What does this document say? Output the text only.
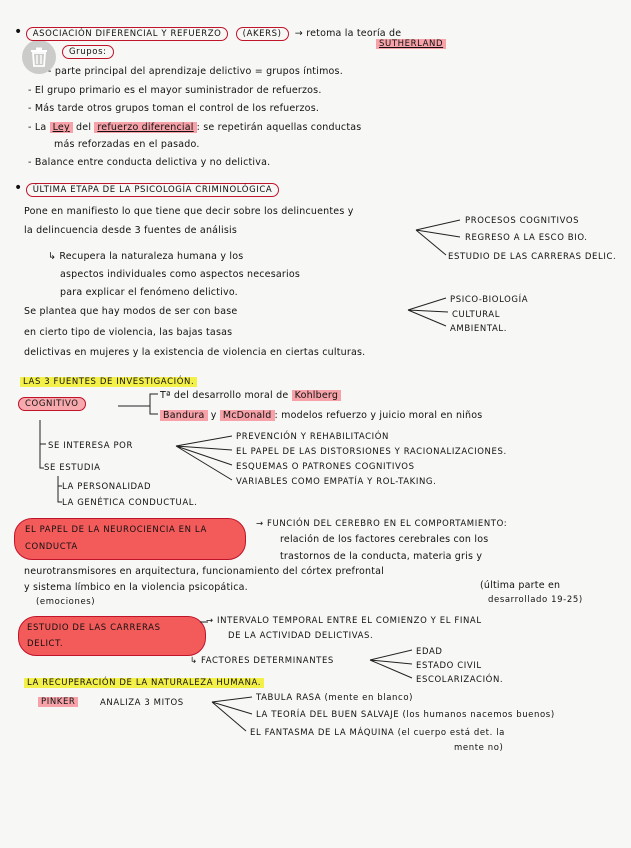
• ASOCIACIÓN DIFERENCIAL Y REFUERZO (AKERS) → retoma la teoría de
SUTHERLAND
Grupos:
- parte principal del aprendizaje delictivo = grupos íntimos.
- El grupo primario es el mayor suministrador de refuerzos.
- Más tarde otros grupos toman el control de los refuerzos.
- La Ley del refuerzo diferencial : se repetirán aquellas conductas
más reforzadas en el pasado.
- Balance entre conducta delictiva y no delictiva.
• ÚLTIMA ETAPA DE LA PSICOLOGÍA CRIMINOLÓGICA
Pone en manifiesto lo que tiene que decir sobre los delincuentes y
la delincuencia desde 3 fuentes de análisis
PROCESOS COGNITIVOS
REGRESO A LA ESCO BIO.
ESTUDIO DE LAS CARRERAS DELIC.
↳ Recupera la naturaleza humana y los
aspectos individuales como aspectos necesarios
para explicar el fenómeno delictivo.
Se plantea que hay modos de ser con base
PSICO-BIOLOGÍA
CULTURAL
AMBIENTAL.
en cierto tipo de violencia, las bajas tasas
delictivas en mujeres y la existencia de violencia en ciertas culturas.
LAS 3 FUENTES DE INVESTIGACIÓN.
COGNITIVO
Tª del desarrollo moral de Kohlberg
Bandura y McDonald : modelos refuerzo y juicio moral en niños
SE INTERESA POR
PREVENCIÓN Y REHABILITACIÓN
EL PAPEL DE LAS DISTORSIONES Y RACIONALIZACIONES.
ESQUEMAS O PATRONES COGNITIVOS
VARIABLES COMO EMPATÍA Y ROL-TAKING.
SE ESTUDIA
LA PERSONALIDAD
LA GENÉTICA CONDUCTUAL.
EL PAPEL DE LA NEUROCIENCIA EN LA CONDUCTA
→ FUNCIÓN DEL CEREBRO EN EL COMPORTAMIENTO:
relación de los factores cerebrales con los
trastornos de la conducta, materia gris y
neurotransmisores en arquitectura, funcionamiento del córtex prefrontal
y sistema límbico en la violencia psicopática.	(última parte en
(emociones)	desarrollado 19-25)
ESTUDIO DE LAS CARRERAS DELICT.
→ INTERVALO TEMPORAL ENTRE EL COMIENZO Y EL FINAL
DE LA ACTIVIDAD DELICTIVAS.
↳ FACTORES DETERMINANTES
EDAD
ESTADO CIVIL
ESCOLARIZACIÓN.
LA RECUPERACIÓN DE LA NATURALEZA HUMANA.
PINKER	ANALIZA 3 MITOS	TABULA RASA (mente en blanco)
LA TEORÍA DEL BUEN SALVAJE (los humanos nacemos buenos)
EL FANTASMA DE LA MÁQUINA (el cuerpo está det. la
mente no)
